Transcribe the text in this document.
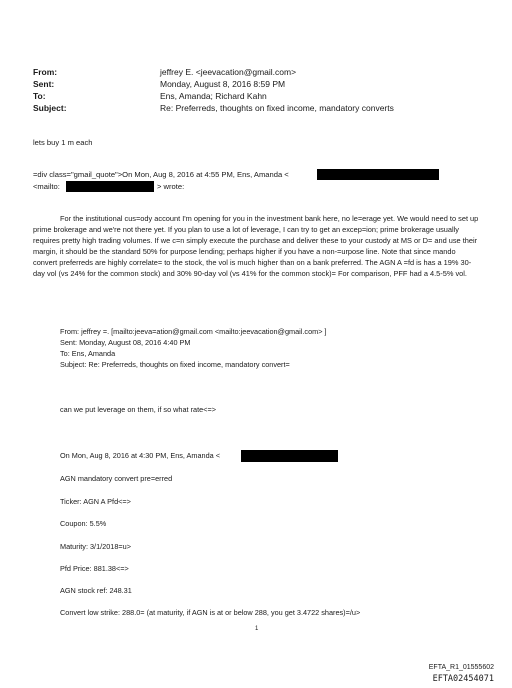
From:	jeffrey E. <jeevacation@gmail.com>
Sent:	Monday, August 8, 2016 8:59 PM
To:	Ens, Amanda; Richard Kahn
Subject:	Re: Preferreds, thoughts on fixed income, mandatory converts
lets buy 1 m each
=div class="gmail_quote">On Mon, Aug 8, 2016 at 4:55 PM, Ens, Amanda <
<mailto:	> wrote:
For the institutional cus=ody account I'm opening for you in the investment bank here, no le=erage yet. We would need to set up prime brokerage and we're not there yet. If you plan to use a lot of leverage, I can try to get an excep=ion; prime brokerage usually requires pretty high trading volumes. If we c=n simply execute the purchase and deliver these to your custody at MS or D= and use their margin, it should be the standard 50% for purpose lending; perhaps higher if you have a non-=urpose line. Note that since mando convert preferreds are highly correlate= to the stock, the vol is much higher than on a bank preferred. The AGN A =fd is has a 19% 30-day vol (vs 24% for the common stock) and 30% 90-day vol (vs 41% for the common stock)= For comparison, PFF had a 4.5-5% vol.
From: jeffrey =. [mailto:jeeva=ation@gmail.com <mailto:jeevacation@gmail.com> ]
Sent: Monday, August 08, 2016 4:40 PM
To: Ens, Amanda
Subject: Re: Preferreds, thoughts on fixed income, mandatory convert=
can we put leverage on them, if so what rate<=>
On Mon, Aug 8, 2016 at 4:30 PM, Ens, Amanda <
AGN mandatory convert pre=erred
Ticker: AGN A Pfd<=>
Coupon: 5.5%
Maturity: 3/1/2018=u>
Pfd Price: 881.38<=>
AGN stock ref: 248.31
Convert low strike: 288.0= (at maturity, if AGN is at or below 288, you get 3.4722 shares)=/u>
1
EFTA_R1_01555602
EFTA02454071
